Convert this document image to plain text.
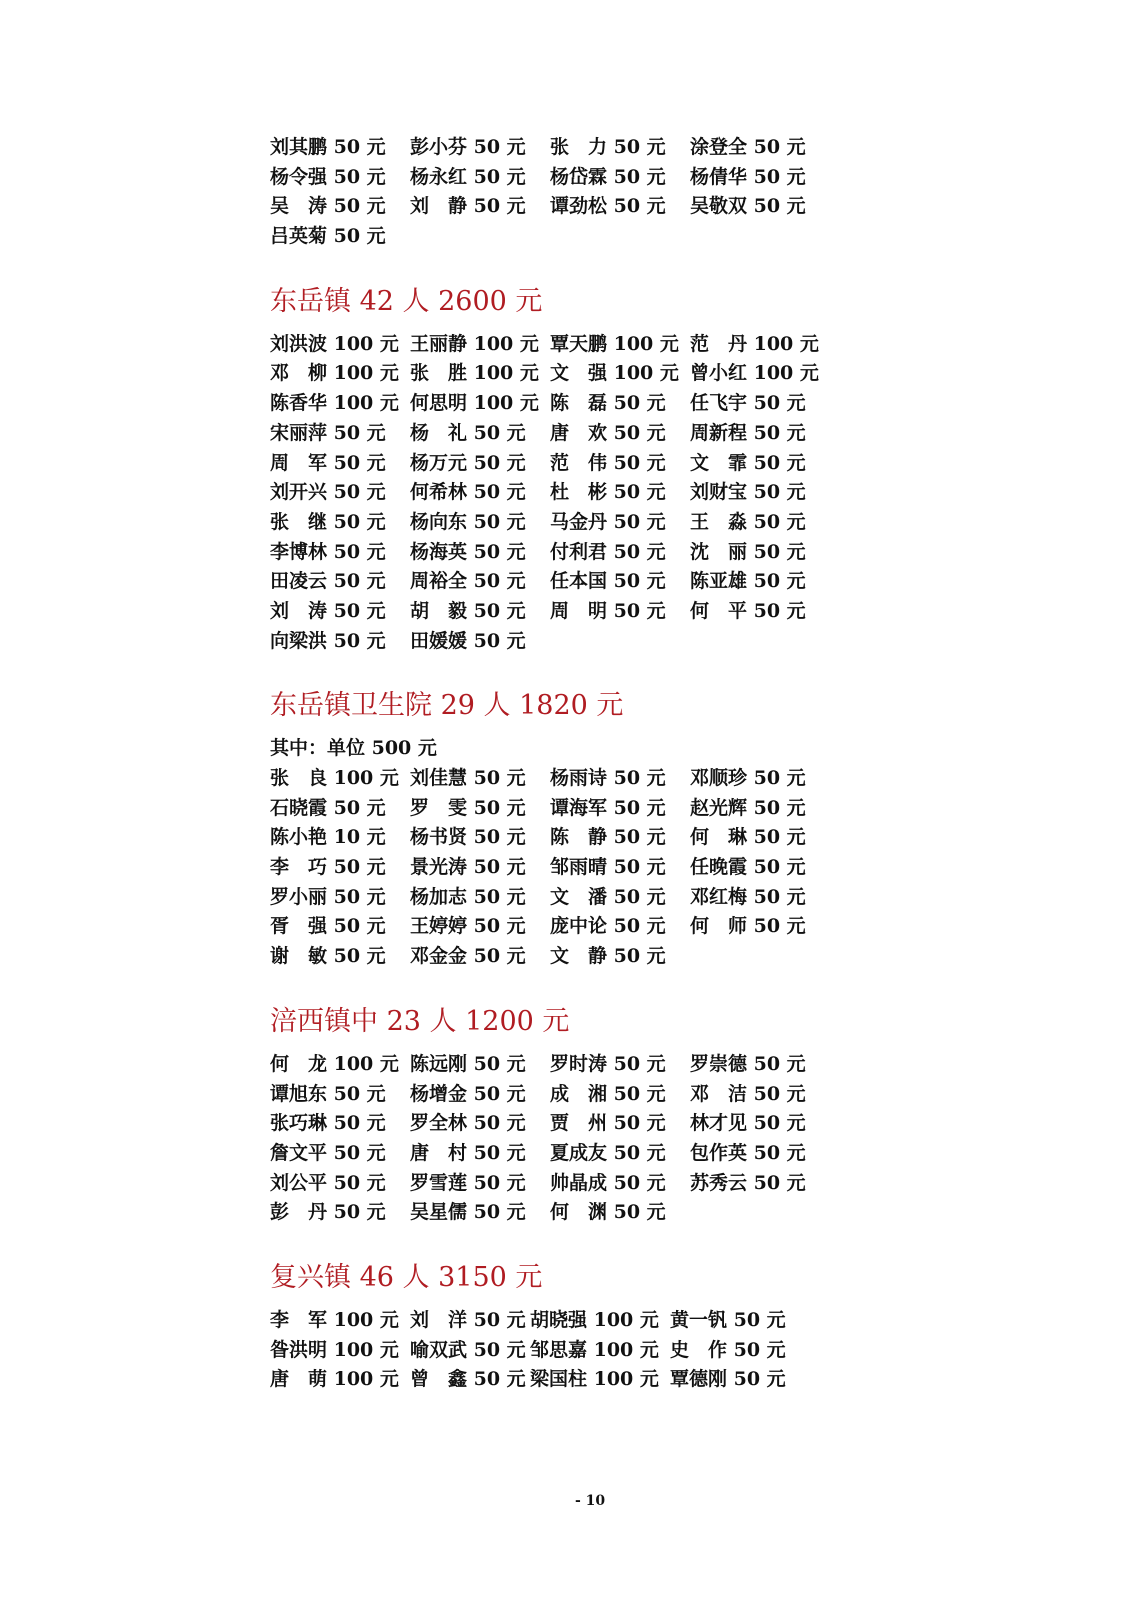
刘其鹏 50 元	彭小芬 50 元	张　力 50 元	涂登全 50 元
杨令强 50 元	杨永红 50 元	杨岱霖 50 元	杨倩华 50 元
吴　涛 50 元	刘　静 50 元	谭劲松 50 元	吴敬双 50 元
吕英菊 50 元
东岳镇 42 人 2600 元
刘洪波 100 元 王丽静 100 元 覃天鹏 100 元 范　丹 100 元
邓　柳 100 元 张　胜 100 元 文　强 100 元 曾小红 100 元
陈香华 100 元 何思明 100 元 陈　磊 50 元	任飞宇 50 元
宋丽萍 50 元	杨　礼 50 元	唐　欢 50 元	周新程 50 元
周　军 50 元	杨万元 50 元	范　伟 50 元	文　霏 50 元
刘开兴 50 元	何希林 50 元	杜　彬 50 元	刘财宝 50 元
张　继 50 元	杨向东 50 元	马金丹 50 元	王　淼 50 元
李博林 50 元	杨海英 50 元	付利君 50 元	沈　丽 50 元
田凌云 50 元	周裕全 50 元	任本国 50 元	陈亚雄 50 元
刘　涛 50 元	胡　毅 50 元	周　明 50 元	何　平 50 元
向梁洪 50 元	田媛媛 50 元
东岳镇卫生院 29 人 1820 元
其中：单位 500 元
张　良 100 元 刘佳慧 50 元	杨雨诗 50 元	邓顺珍 50 元
石晓霞 50 元	罗　雯 50 元	谭海军 50 元	赵光辉 50 元
陈小艳 10 元	杨书贤 50 元	陈　静 50 元	何　琳 50 元
李　巧 50 元	景光涛 50 元	邹雨晴 50 元	任晚霞 50 元
罗小丽 50 元	杨加志 50 元	文　潘 50 元	邓红梅 50 元
胥　强 50 元	王婷婷 50 元	庞中论 50 元	何　师 50 元
谢　敏 50 元	邓金金 50 元	文　静 50 元
涪西镇中 23 人 1200 元
何　龙 100 元 陈远刚 50 元	罗时涛 50 元	罗崇德 50 元
谭旭东 50 元	杨增金 50 元	成　湘 50 元	邓　洁 50 元
张巧琳 50 元	罗全林 50 元	贾　州 50 元	林才见 50 元
詹文平 50 元	唐　村 50 元	夏成友 50 元	包作英 50 元
刘公平 50 元	罗雪莲 50 元	帅晶成 50 元	苏秀云 50 元
彭　丹 50 元	吴星儒 50 元	何　渊 50 元
复兴镇 46 人 3150 元
李　军 100 元 刘　洋 50 元 胡晓强 100 元 黄一钒 50 元
昝洪明 100 元 喻双武 50 元 邹思嘉 100 元 史　作 50 元
唐　萌 100 元 曾　鑫 50 元 梁国柱 100 元 覃德刚 50 元
- 10
